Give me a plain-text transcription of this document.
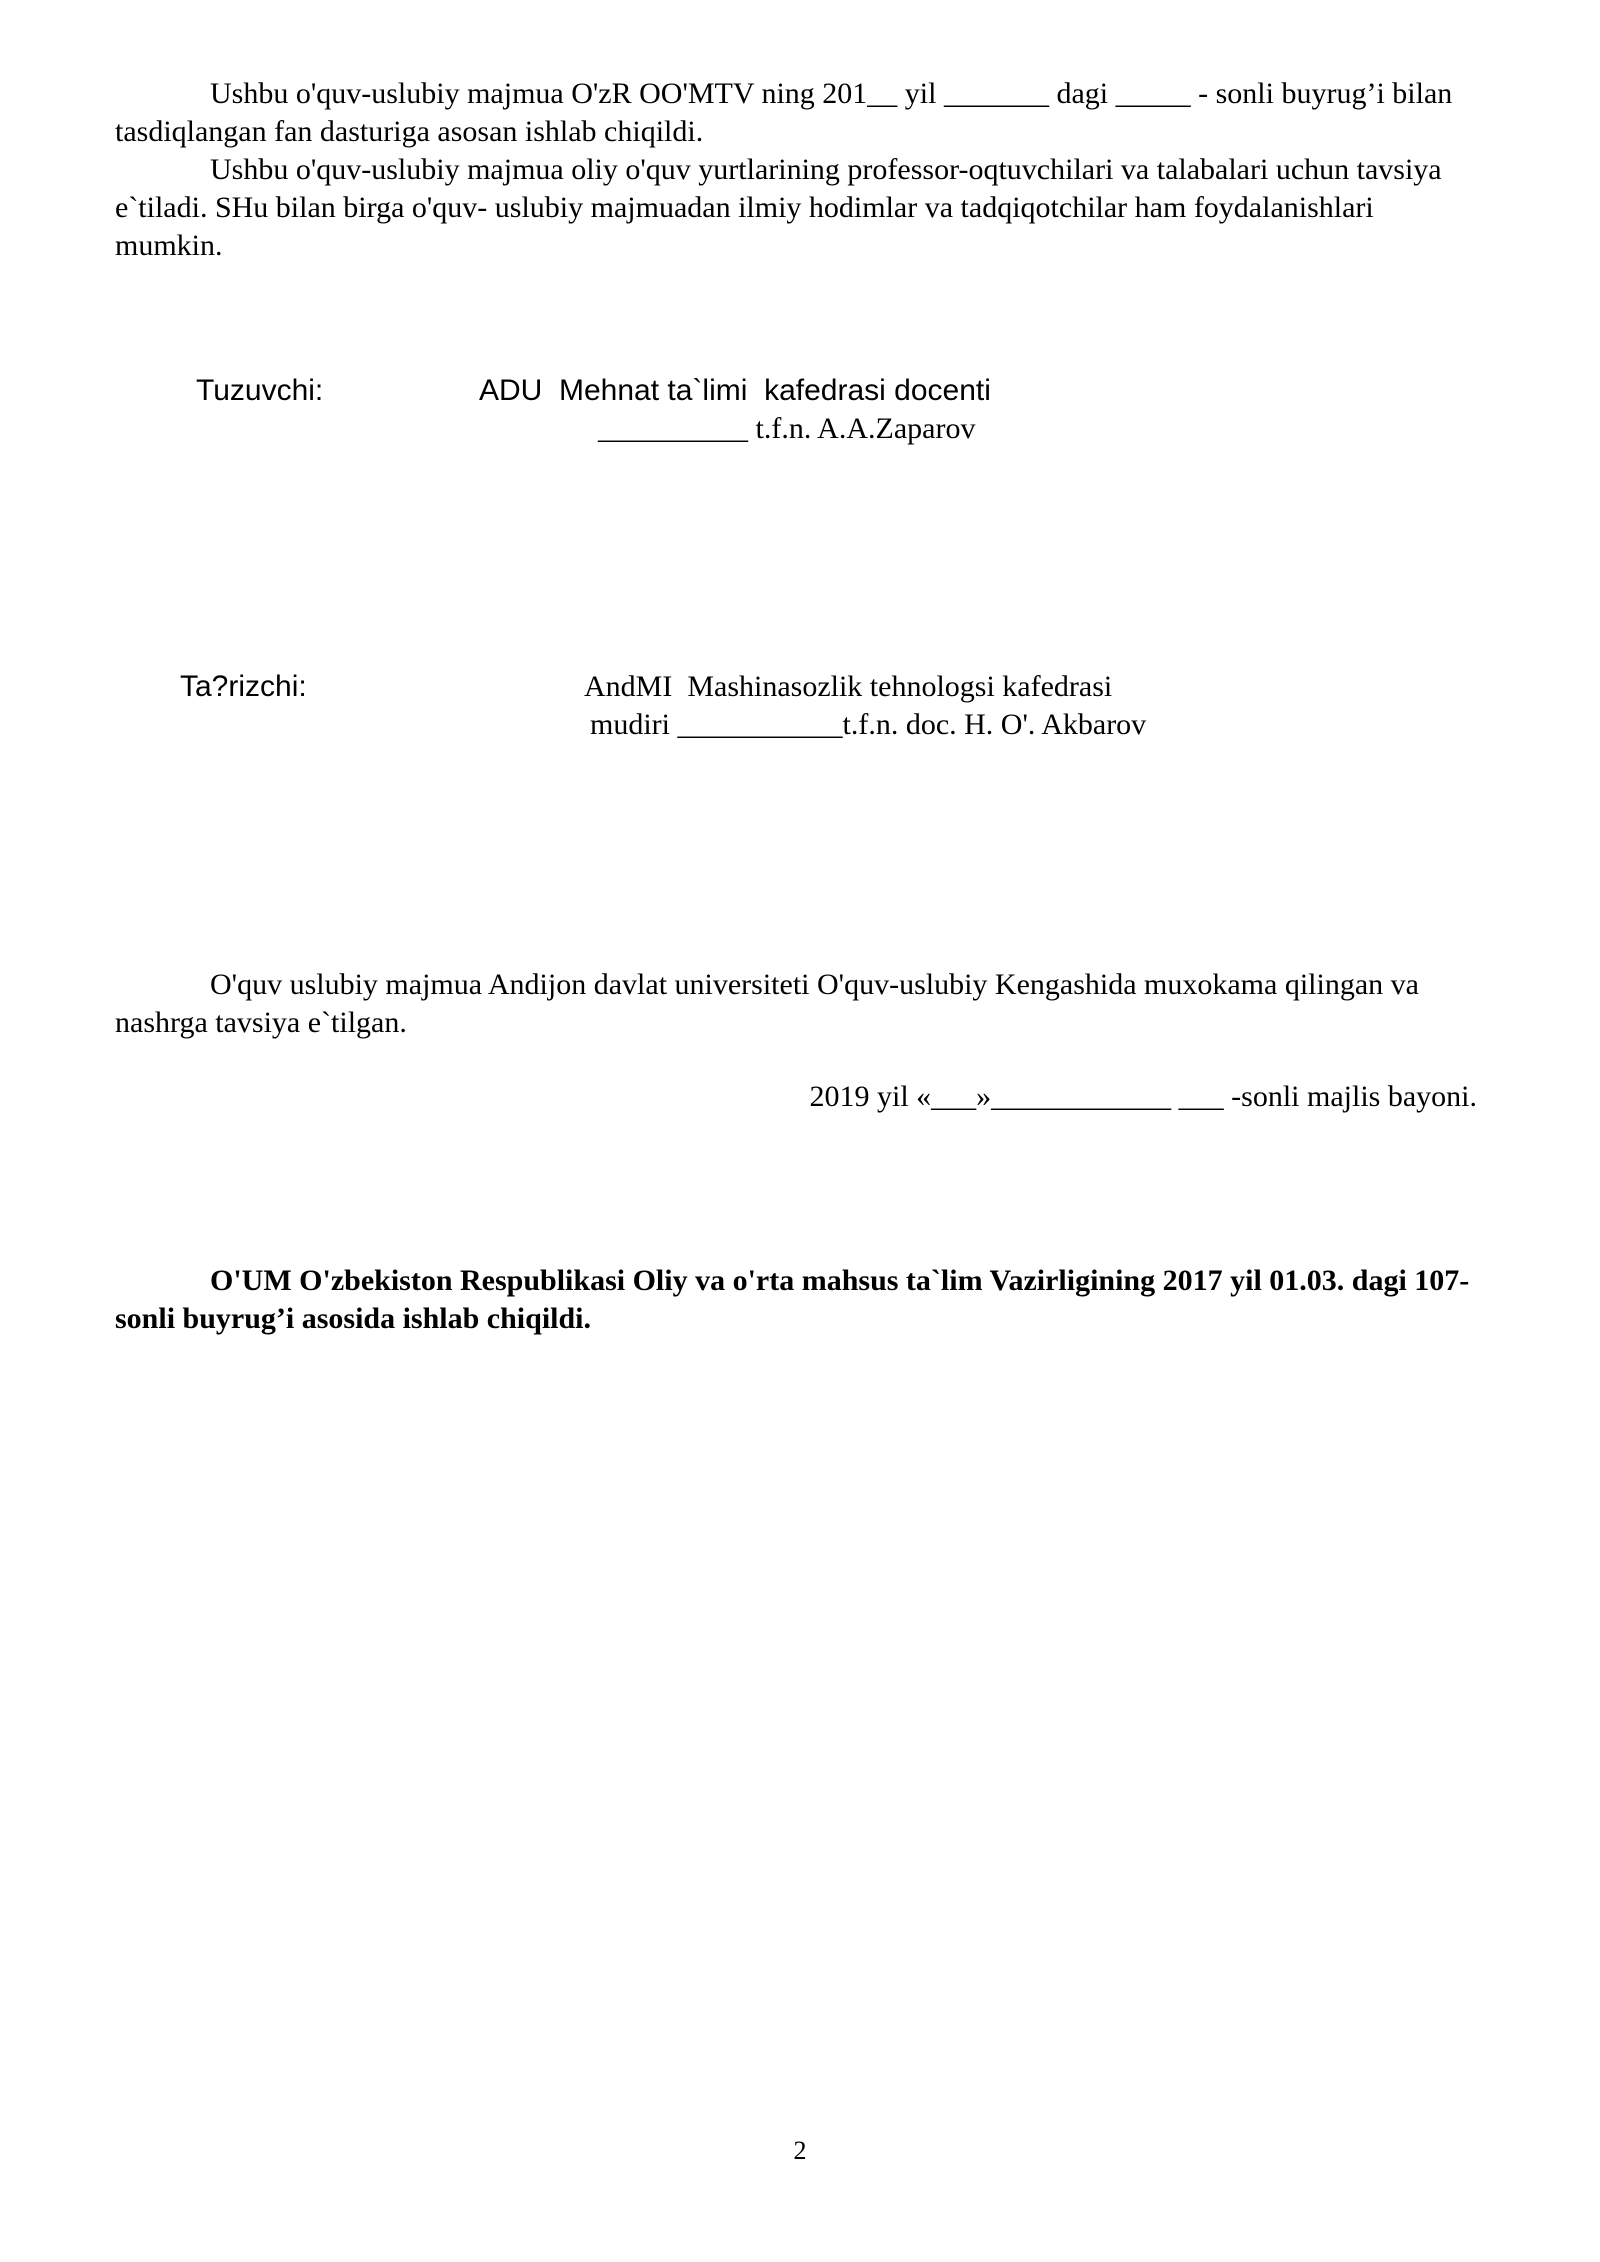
Ushbu o'quv-uslubiy majmua O'zR OO'MTV ning 201__ yil _______ dagi _____ - sonli buyrug’i bilan tasdiqlangan fan dasturiga asosan ishlab chiqildi.

Ushbu o'quv-uslubiy majmua oliy o'quv yurtlarining professor-oqtuvchilari va talabalari uchun tavsiya e`tiladi. SHu bilan birga o'quv- uslubiy majmuadan ilmiy hodimlar va tadqiqotchilar ham foydalanishlari mumkin.

Tuzuvchi:	ADU  Mehnat ta`limi  kafedrasi docenti
__________ t.f.n. A.A.Zaparov
Ta?rizchi:	AndMI  Mashinasozlik tehnologsi kafedrasi
mudiri ___________t.f.n. doc. H. O'. Akbarov

O'quv uslubiy majmua Andijon davlat universiteti O'quv-uslubiy Kengashida muxokama qilingan va nashrga tavsiya e`tilgan.

2019 yil «___»____________ ___ -sonli majlis bayoni.

O'UM O'zbekiston Respublikasi Oliy va o'rta mahsus ta`lim Vazirligining 2017 yil 01.03. dagi 107-sonli buyrug’i asosida ishlab chiqildi.

2
